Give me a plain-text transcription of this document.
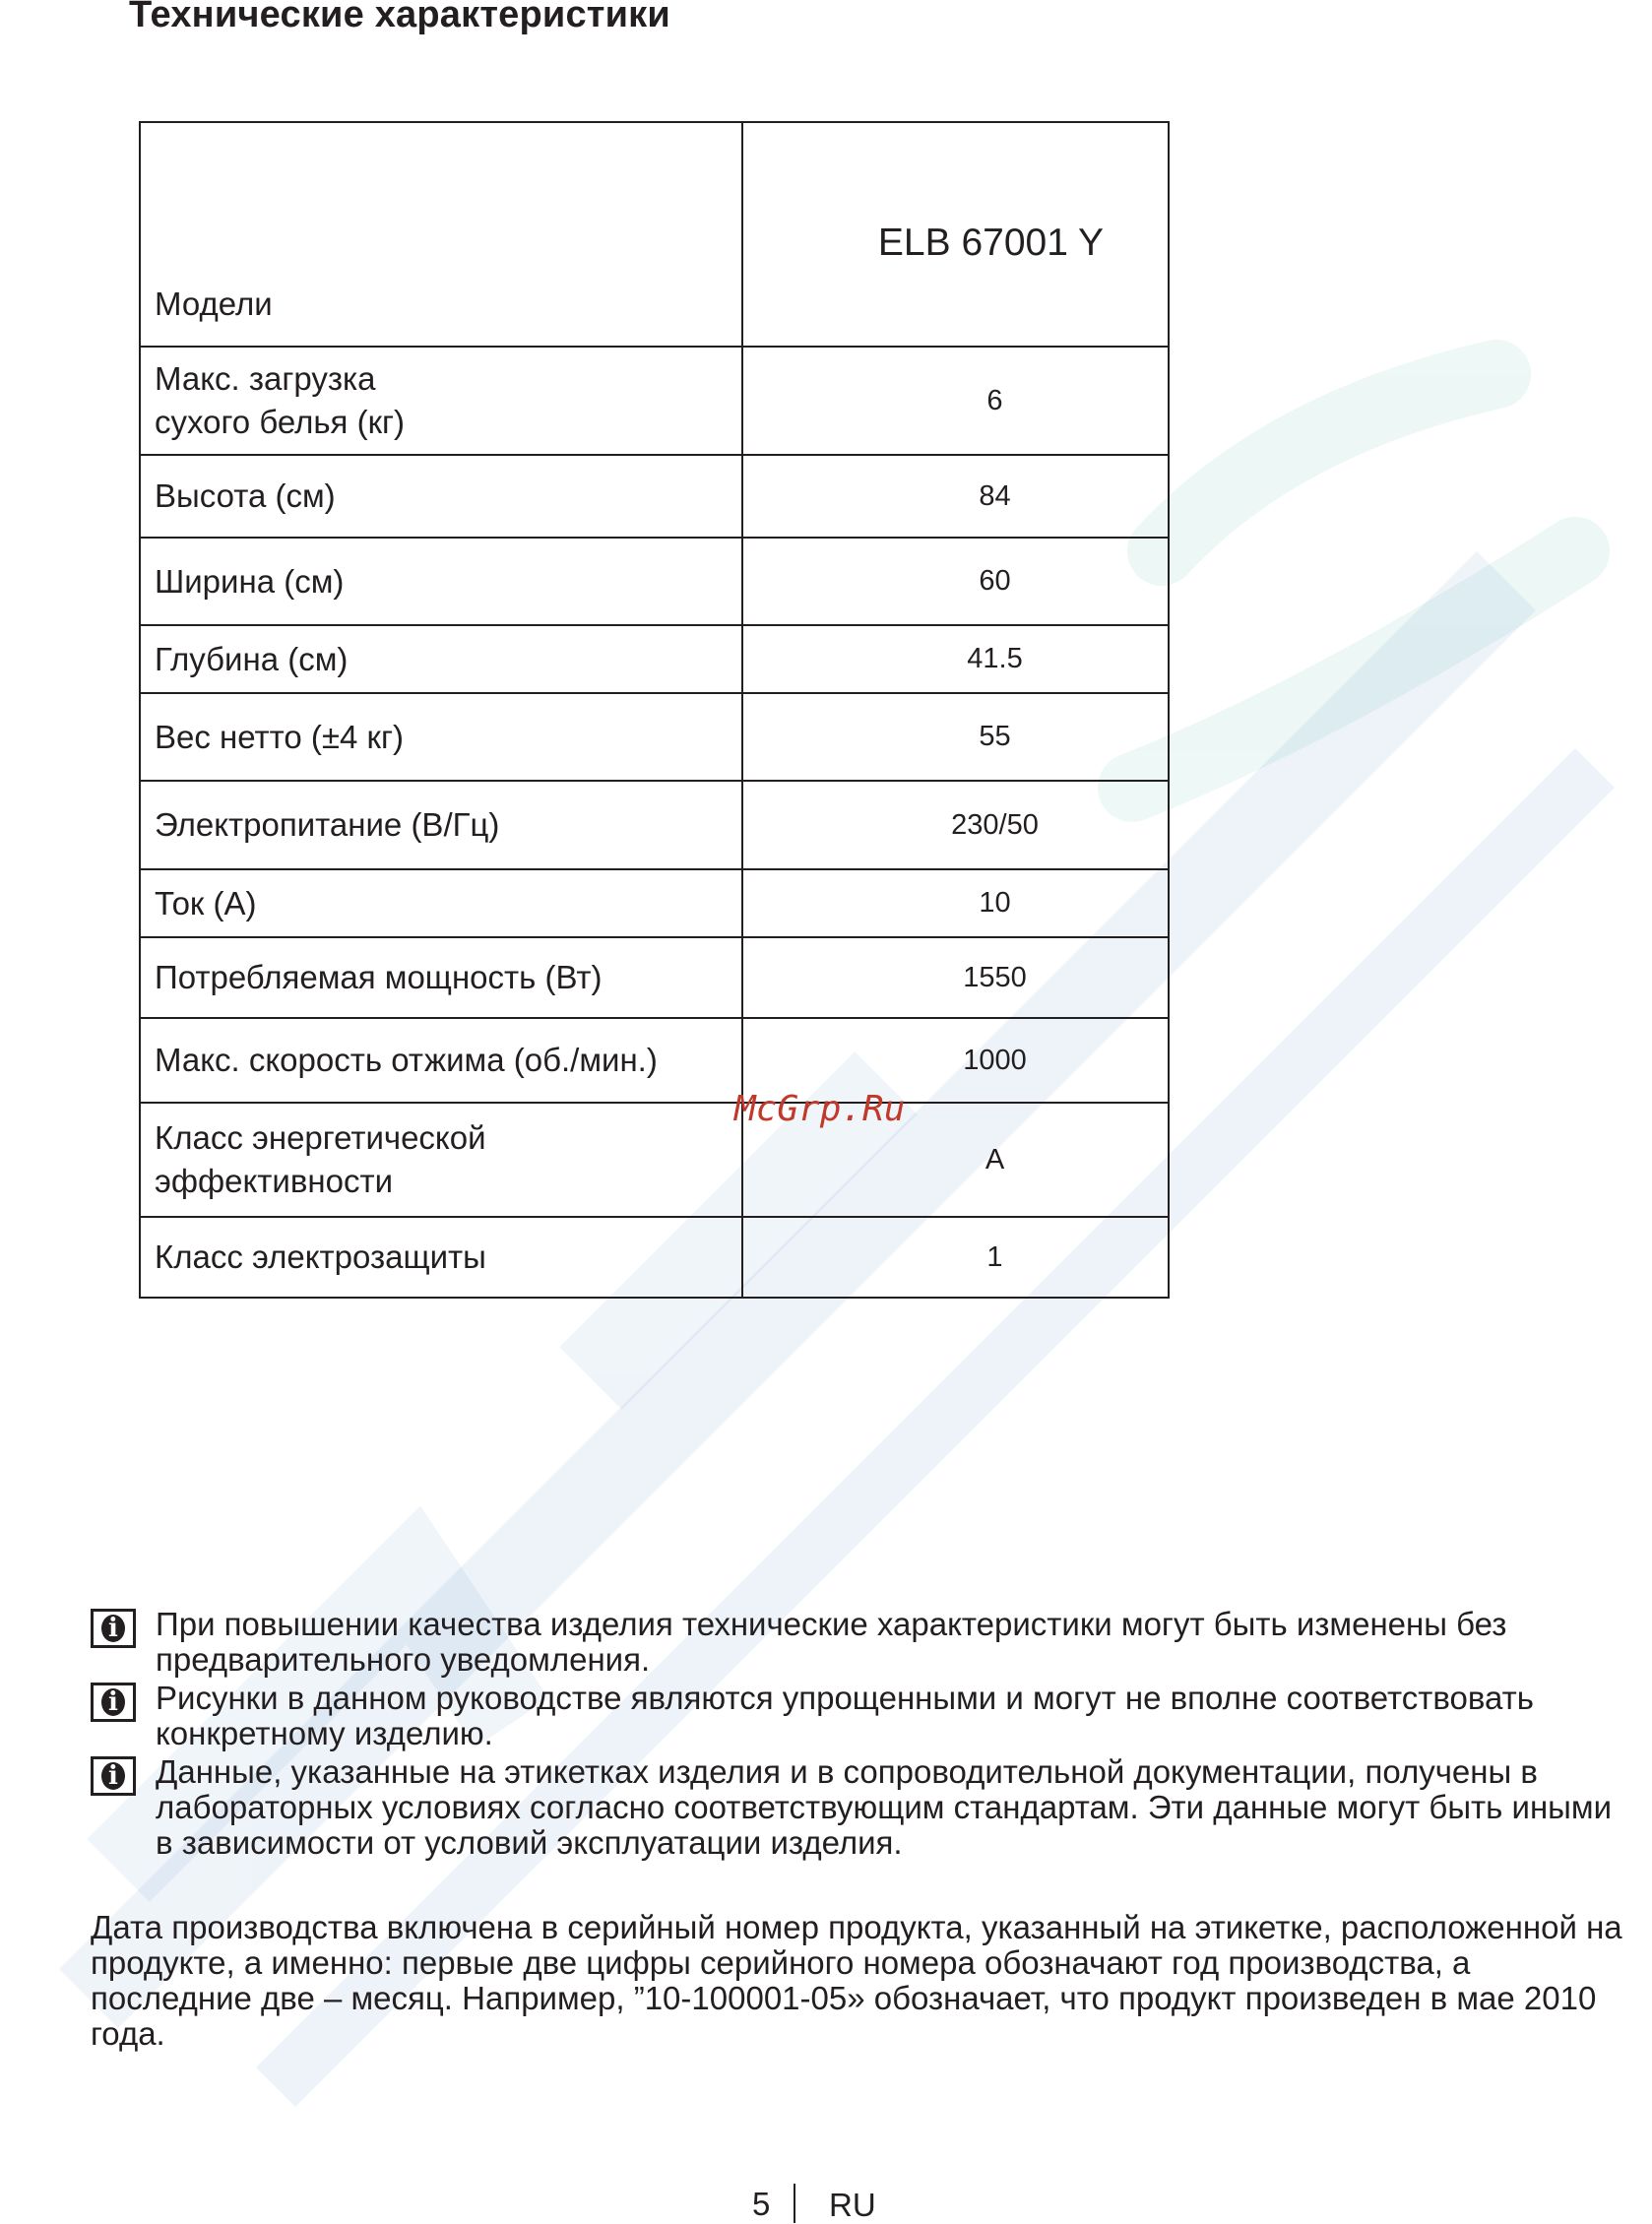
Технические характеристики
Модели	ELB 67001 Y
Макс. загрузка
сухого белья (кг)	6
Высота (см)	84
Ширина (см)	60
Глубина (см)	41.5
Вес нетто (±4 кг)	55
Электропитание (В/Гц)	230/50
Ток (A)	10
Потребляемая мощность (Вт)	1550
Макс. скорость отжима (об./мин.)	1000
Класс энергетической
эффективности	A
Класс электрозащиты	1
McGrp.Ru
i При повышении качества изделия технические характеристики могут быть изменены без предварительного уведомления.
i Рисунки в данном руководстве являются упрощенными и могут не вполне соответствовать конкретному изделию.
i Данные, указанные на этикетках изделия и в сопроводительной документации, получены в лабораторных условиях согласно соответствующим стандартам. Эти данные могут быть иными в зависимости от условий эксплуатации изделия.
Дата производства включена в серийный номер продукта, указанный на этикетке, расположенной на продукте, а именно: первые две цифры серийного номера обозначают год производства, а последние две – месяц. Например, ”10-100001-05» обозначает, что продукт произведен в мае 2010 года.
5 RU
